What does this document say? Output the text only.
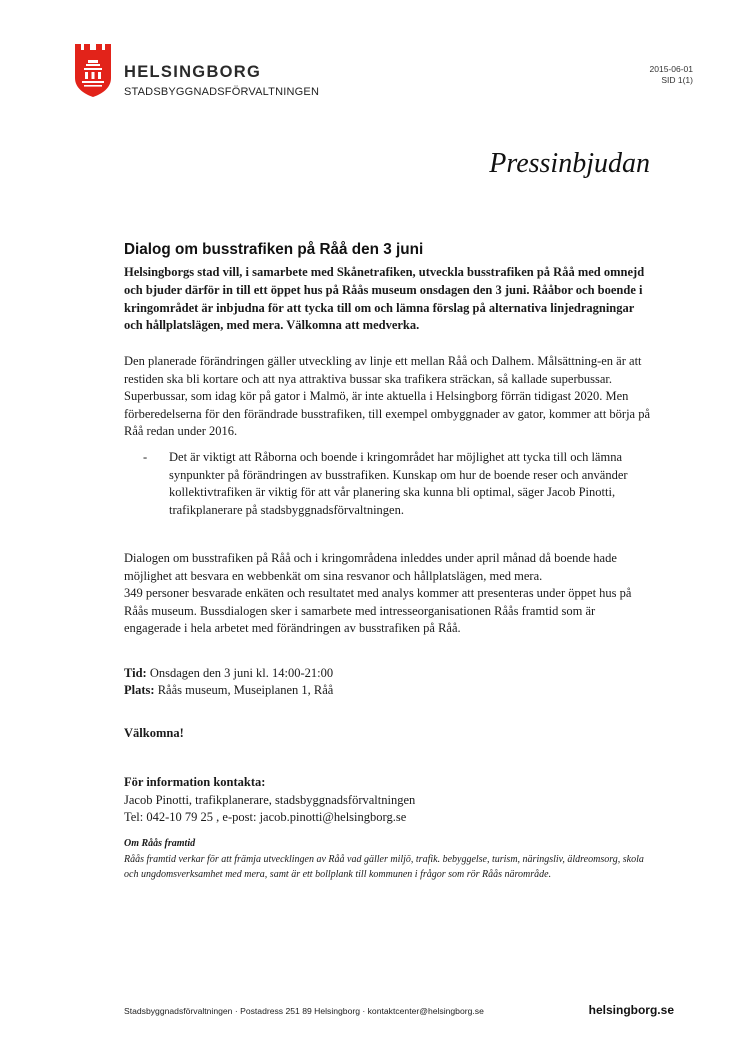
HELSINGBORG
STADSBYGGNADSFÖRVALTNINGEN
2015-06-01
SID 1(1)
Pressinbjudan
Dialog om busstrafiken på Råå den 3 juni
Helsingborgs stad vill, i samarbete med Skånetrafiken, utveckla busstrafiken på Råå med omnejd och bjuder därför in till ett öppet hus på Råås museum onsdagen den 3 juni. Rååbor och boende i kringområdet är inbjudna för att tycka till om och lämna förslag på alternativa linjedragningar och hållplatslägen, med mera. Välkomna att medverka.
Den planerade förändringen gäller utveckling av linje ett mellan Råå och Dalhem. Målsättning-en är att restiden ska bli kortare och att nya attraktiva bussar ska trafikera sträckan, så kallade superbussar. Superbussar, som idag kör på gator i Malmö, är inte aktuella i Helsingborg förrän tidigast 2020. Men förberedelserna för den förändrade busstrafiken, till exempel ombyggnader av gator, kommer att börja på Råå redan under 2016.
-	Det är viktigt att Råborna och boende i kringområdet har möjlighet att tycka till och lämna synpunkter på förändringen av busstrafiken. Kunskap om hur de boende reser och använder kollektivtrafiken är viktig för att vår planering ska kunna bli optimal, säger Jacob Pinotti, trafikplanerare på stadsbyggnadsförvaltningen.
Dialogen om busstrafiken på Råå och i kringområdena inleddes under april månad då boende hade möjlighet att besvara en webbenkät om sina resvanor och hållplatslägen, med mera.
349 personer besvarade enkäten och resultatet med analys kommer att presenteras under öppet hus på Råås museum. Bussdialogen sker i samarbete med intresseorganisationen Råås framtid som är engagerade i hela arbetet med förändringen av busstrafiken på Råå.
Tid: Onsdagen den 3 juni kl. 14:00-21:00
Plats: Råås museum, Museiplanen 1, Råå
Välkomna!
För information kontakta:
Jacob Pinotti, trafikplanerare, stadsbyggnadsförvaltningen
Tel: 042-10 79 25 , e-post: jacob.pinotti@helsingborg.se
Om Råås framtid
Råås framtid verkar för att främja utvecklingen av Råå vad gäller miljö, trafik. bebyggelse, turism, näringsliv, äldreomsorg, skola och ungdomsverksamhet med mera, samt är ett bollplank till kommunen i frågor som rör Råås närområde.
Stadsbyggnadsförvaltningen · Postadress 251 89 Helsingborg · kontaktcenter@helsingborg.se	helsingborg.se
